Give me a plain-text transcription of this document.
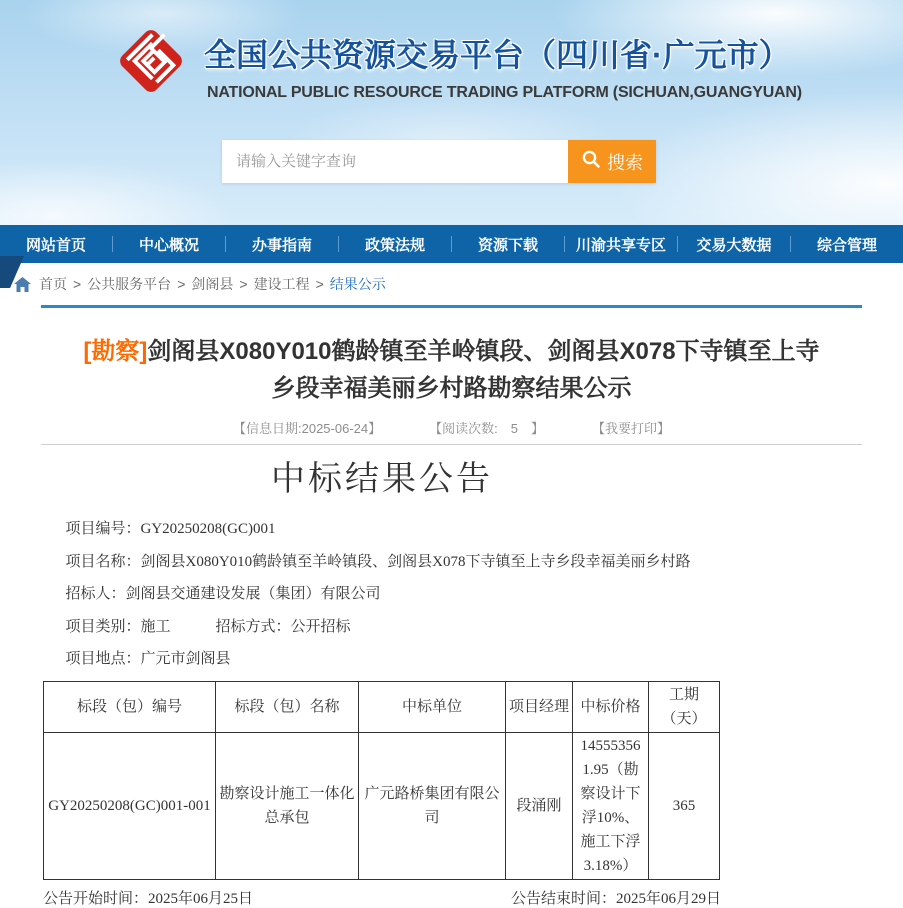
全国公共资源交易平台（四川省·广元市）
NATIONAL PUBLIC RESOURCE TRADING PLATFORM (SICHUAN,GUANGYUAN)
请输入关键字查询
搜索
网站首页	中心概况	办事指南	政策法规	资源下载	川渝共享专区	交易大数据	综合管理
首页 > 公共服务平台 > 剑阁县 > 建设工程 > 结果公示
[勘察]剑阁县X080Y010鹤龄镇至羊岭镇段、剑阁县X078下寺镇至上寺乡段幸福美丽乡村路勘察结果公示
【信息日期:2025-06-24】	【阅读次数:　5　】	【我要打印】
中标结果公告

项目编号：GY20250208(GC)001

项目名称：剑阁县X080Y010鹤龄镇至羊岭镇段、剑阁县X078下寺镇至上寺乡段幸福美丽乡村路

招标人：剑阁县交通建设发展（集团）有限公司

项目类别：施工　　　招标方式：公开招标

项目地点：广元市剑阁县

标段（包）编号	标段（包）名称	中标单位	项目经理	中标价格	工期（天）
GY20250208(GC)001-001	勘察设计施工一体化总承包	广元路桥集团有限公司	段涌刚	145553561.95（勘察设计下浮10%、施工下浮3.18%）	365
公告开始时间：2025年06月25日	公告结束时间：2025年06月29日
